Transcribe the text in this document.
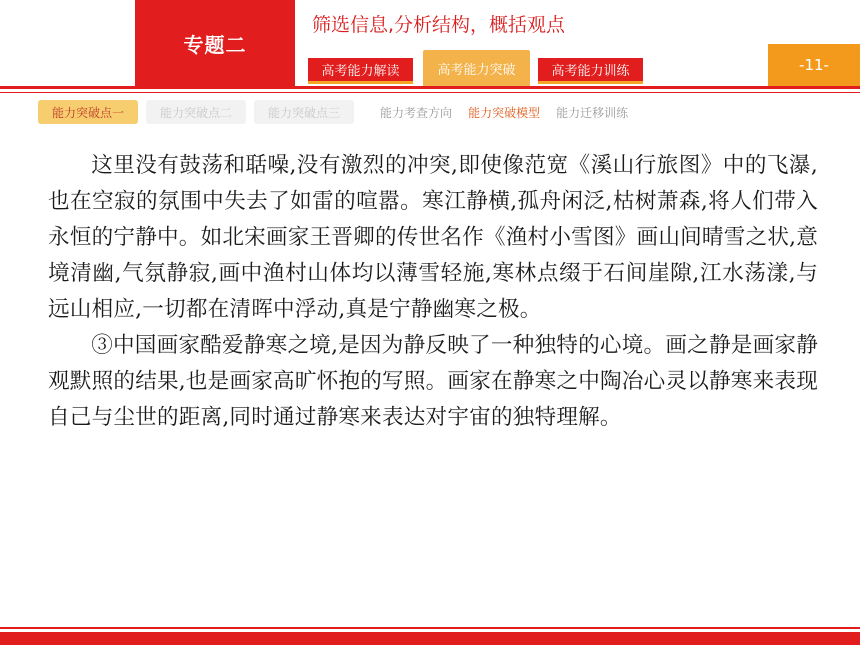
专题二
筛选信息,分析结构，概括观点
高考能力解读	高考能力突破	高考能力训练	-11-
能力突破点一	能力突破点二	能力突破点三	能力考查方向 能力突破模型 能力迁移训练

这里没有鼓荡和聒噪,没有激烈的冲突,即使像范宽《溪山行旅图》中的飞瀑,也在空寂的氛围中失去了如雷的喧嚣。寒江静横,孤舟闲泛,枯树萧森,将人们带入永恒的宁静中。如北宋画家王晋卿的传世名作《渔村小雪图》画山间晴雪之状,意境清幽,气氛静寂,画中渔村山体均以薄雪轻施,寒林点缀于石间崖隙,江水荡漾,与远山相应,一切都在清晖中浮动,真是宁静幽寒之极。

③中国画家酷爱静寒之境,是因为静反映了一种独特的心境。画之静是画家静观默照的结果,也是画家高旷怀抱的写照。画家在静寒之中陶冶心灵以静寒来表现自己与尘世的距离,同时通过静寒来表达对宇宙的独特理解。
